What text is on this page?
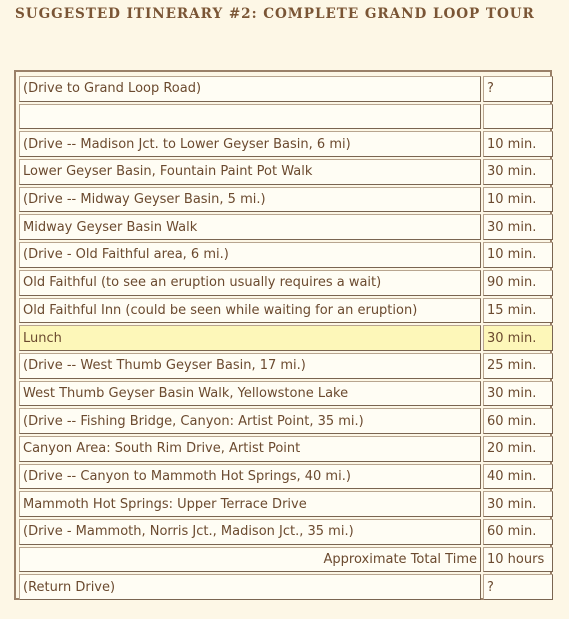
SUGGESTED ITINERARY #2: COMPLETE GRAND LOOP TOUR
(Drive to Grand Loop Road)	?

(Drive -- Madison Jct. to Lower Geyser Basin, 6 mi)	10 min.
Lower Geyser Basin, Fountain Paint Pot Walk	30 min.
(Drive -- Midway Geyser Basin, 5 mi.)	10 min.
Midway Geyser Basin Walk	30 min.
(Drive - Old Faithful area, 6 mi.)	10 min.
Old Faithful (to see an eruption usually requires a wait)	90 min.
Old Faithful Inn (could be seen while waiting for an eruption)	15 min.
Lunch	30 min.
(Drive -- West Thumb Geyser Basin, 17 mi.)	25 min.
West Thumb Geyser Basin Walk, Yellowstone Lake	30 min.
(Drive -- Fishing Bridge, Canyon: Artist Point, 35 mi.)	60 min.
Canyon Area: South Rim Drive, Artist Point	20 min.
(Drive -- Canyon to Mammoth Hot Springs, 40 mi.)	40 min.
Mammoth Hot Springs: Upper Terrace Drive	30 min.
(Drive - Mammoth, Norris Jct., Madison Jct., 35 mi.)	60 min.
Approximate Total Time	10 hours
(Return Drive)	?
